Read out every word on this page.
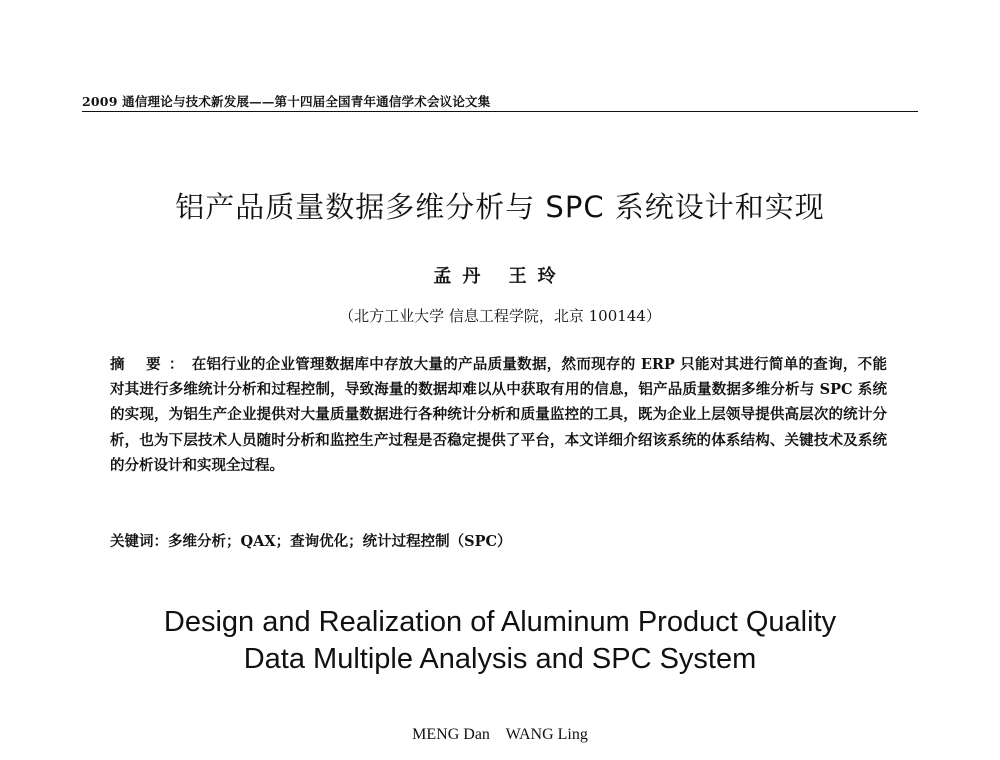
2009 通信理论与技术新发展——第十四届全国青年通信学术会议论文集
铝产品质量数据多维分析与 SPC 系统设计和实现
孟丹 王玲
（北方工业大学 信息工程学院，北京 100144）
摘 要：在铝行业的企业管理数据库中存放大量的产品质量数据，然而现存的 ERP 只能对其进行简单的查询，不能对其进行多维统计分析和过程控制，导致海量的数据却难以从中获取有用的信息，铝产品质量数据多维分析与 SPC 系统的实现，为铝生产企业提供对大量质量数据进行各种统计分析和质量监控的工具，既为企业上层领导提供高层次的统计分析，也为下层技术人员随时分析和监控生产过程是否稳定提供了平台，本文详细介绍该系统的体系结构、关键技术及系统的分析设计和实现全过程。
关键词：多维分析；QAX；查询优化；统计过程控制（SPC）
Design and Realization of Aluminum Product Quality
Data Multiple Analysis and SPC System
MENG Dan    WANG Ling
